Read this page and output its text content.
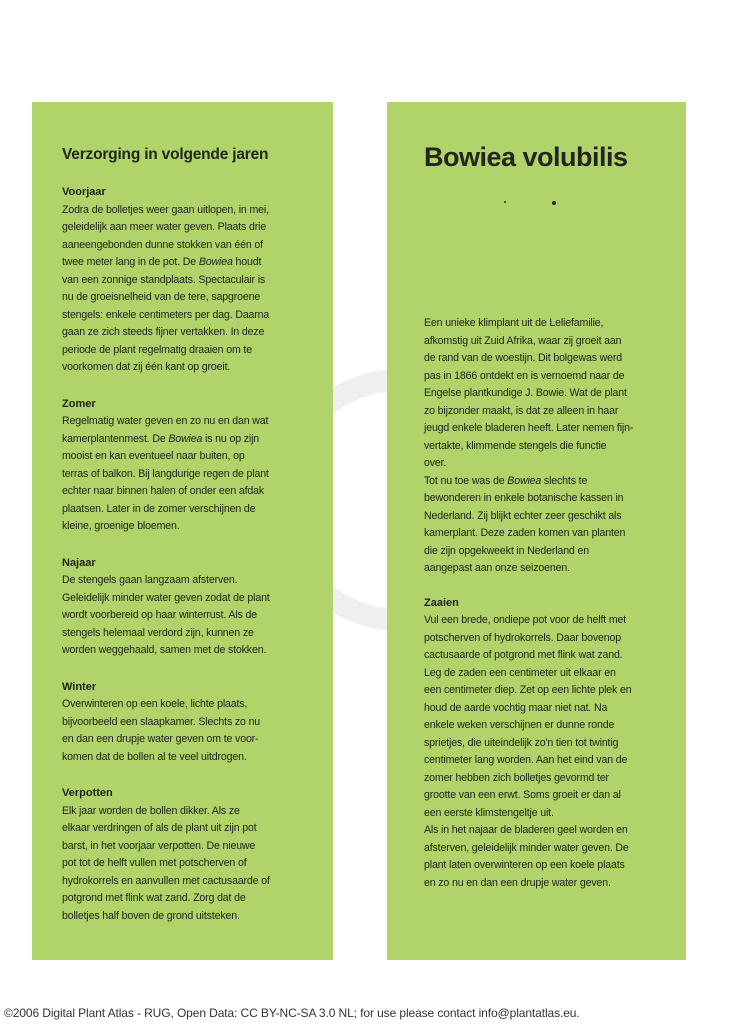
Verzorging in volgende jaren

Voorjaar

Zodra de bolletjes weer gaan uitlopen, in mei,
geleidelijk aan meer water geven. Plaats drie
aaneengebonden dunne stokken van één of
twee meter lang in de pot. De Bowiea houdt
van een zonnige standplaats. Spectaculair is
nu de groeisnelheid van de tere, sapgroene
stengels: enkele centimeters per dag. Daarna
gaan ze zich steeds fijner vertakken. In deze
periode de plant regelmatig draaien om te
voorkomen dat zij één kant op groeit.

Zomer

Regelmatig water geven en zo nu en dan wat
kamerplantenmest. De Bowiea is nu op zijn
mooist en kan eventueel naar buiten, op
terras of balkon. Bij langdurige regen de plant
echter naar binnen halen of onder een afdak
plaatsen. Later in de zomer verschijnen de
kleine, groenige bloemen.

Najaar

De stengels gaan langzaam afsterven.
Geleidelijk minder water geven zodat de plant
wordt voorbereid op haar winterrust. Als de
stengels helemaal verdord zijn, kunnen ze
worden weggehaald, samen met de stokken.

Winter

Overwinteren op een koele, lichte plaats,
bijvoorbeeld een slaapkamer. Slechts zo nu
en dan een drupje water geven om te voor-
komen dat de bollen al te veel uitdrogen.

Verpotten

Elk jaar worden de bollen dikker. Als ze
elkaar verdringen of als de plant uit zijn pot
barst, in het voorjaar verpotten. De nieuwe
pot tot de helft vullen met potscherven of
hydrokorrels en aanvullen met cactusaarde of
potgrond met flink wat zand. Zorg dat de
bolletjes half boven de grond uitsteken.

Bowiea volubilis

Een unieke klimplant uit de Leliefamilie,
afkomstig uit Zuid Afrika, waar zij groeit aan
de rand van de woestijn. Dit bolgewas werd
pas in 1866 ontdekt en is vernoemd naar de
Engelse plantkundige J. Bowie. Wat de plant
zo bijzonder maakt, is dat ze alleen in haar
jeugd enkele bladeren heeft. Later nemen fijn-
vertakte, klimmende stengels die functie
over.
Tot nu toe was de Bowiea slechts te
bewonderen in enkele botanische kassen in
Nederland. Zij blijkt echter zeer geschikt als
kamerplant. Deze zaden komen van planten
die zijn opgekweekt in Nederland en
aangepast aan onze seizoenen.

Zaaien

Vul een brede, ondiepe pot voor de helft met
potscherven of hydrokorrels. Daar bovenop
cactusaarde of potgrond met flink wat zand.
Leg de zaden een centimeter uit elkaar en
een centimeter diep. Zet op een lichte plek en
houd de aarde vochtig maar niet nat. Na
enkele weken verschijnen er dunne ronde
sprietjes, die uiteindelijk zo'n tien tot twintig
centimeter lang worden. Aan het eind van de
zomer hebben zich bolletjes gevormd ter
grootte van een erwt. Soms groeit er dan al
een eerste klimstengeltje uit.
Als in het najaar de bladeren geel worden en
afsterven, geleidelijk minder water geven. De
plant laten overwinteren op een koele plaats
en zo nu en dan een drupje water geven.

©2006 Digital Plant Atlas - RUG, Open Data: CC BY-NC-SA 3.0 NL; for use please contact info@plantatlas.eu.
